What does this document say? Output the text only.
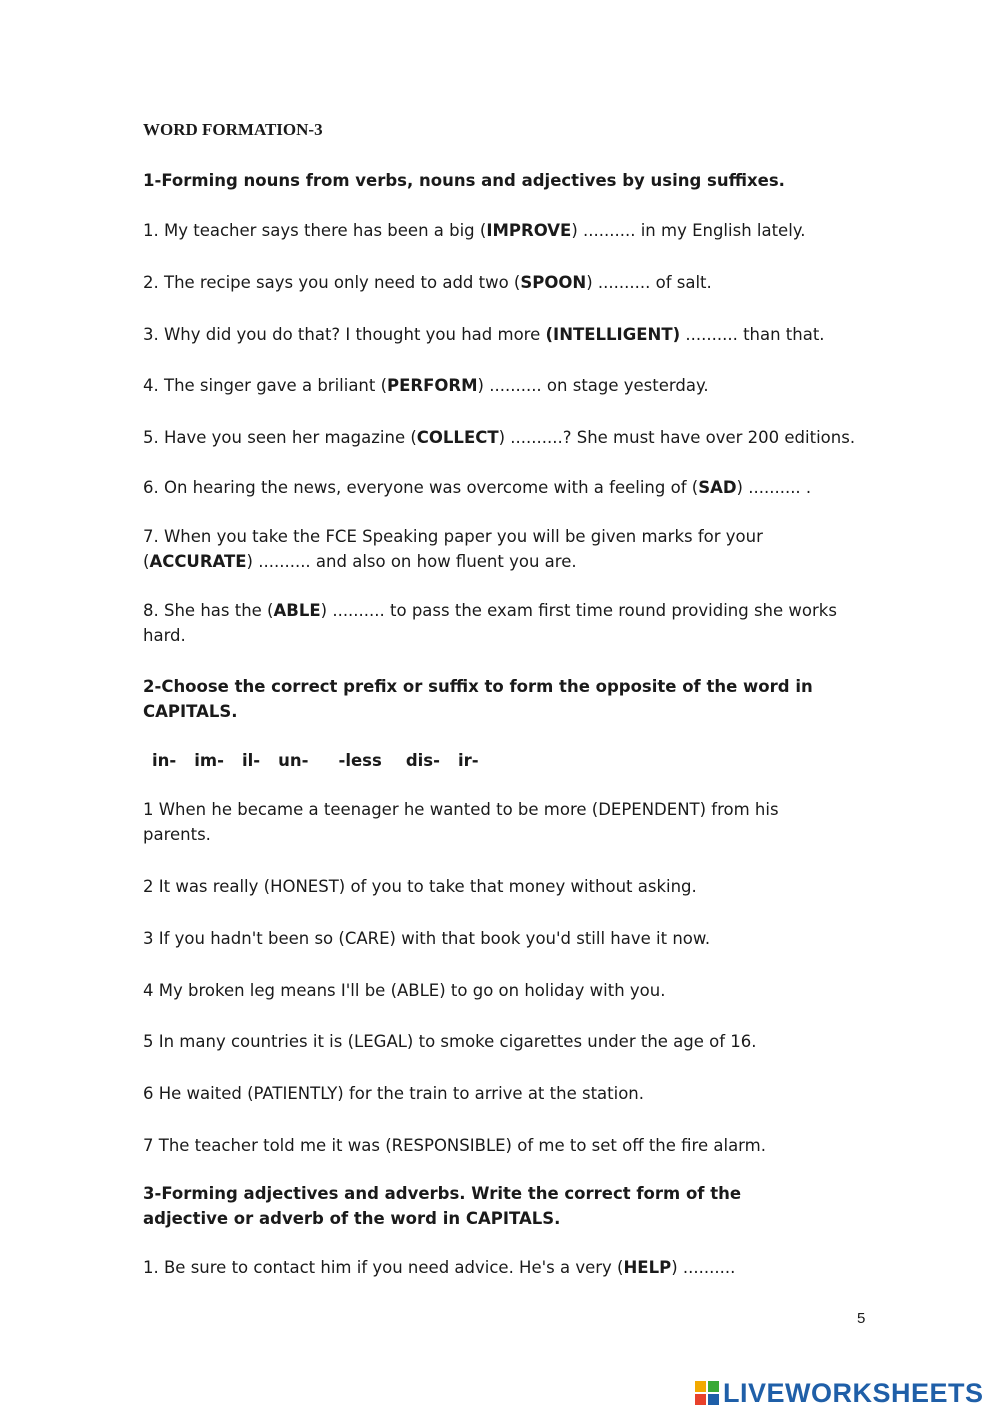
WORD FORMATION-3
1-Forming nouns from verbs, nouns and adjectives by using suffixes.
1. My teacher says there has been a big (IMPROVE) .......... in my English lately.
2. The recipe says you only need to add two (SPOON) .......... of salt.
3. Why did you do that? I thought you had more (INTELLIGENT) .......... than that.
4. The singer gave a briliant (PERFORM) .......... on stage yesterday.
5. Have you seen her magazine (COLLECT) ..........? She must have over 200 editions.
6. On hearing the news, everyone was overcome with a feeling of (SAD) .......... .
7. When you take the FCE Speaking paper you will be given marks for your (ACCURATE) .......... and also on how fluent you are.
8. She has the (ABLE) .......... to pass the exam first time round providing she works hard.
2-Choose the correct prefix or suffix to form the opposite of the word in CAPITALS.
in- im- il- un- -less dis- ir-
1 When he became a teenager he wanted to be more (DEPENDENT) from his parents.
2 It was really (HONEST) of you to take that money without asking.
3 If you hadn't been so (CARE) with that book you'd still have it now.
4 My broken leg means I'll be (ABLE) to go on holiday with you.
5 In many countries it is (LEGAL) to smoke cigarettes under the age of 16.
6 He waited (PATIENTLY) for the train to arrive at the station.
7 The teacher told me it was (RESPONSIBLE) of me to set off the fire alarm.
3-Forming adjectives and adverbs. Write the correct form of the adjective or adverb of the word in CAPITALS.
1. Be sure to contact him if you need advice. He's a very (HELP) ..........
5
LIVEWORKSHEETS
